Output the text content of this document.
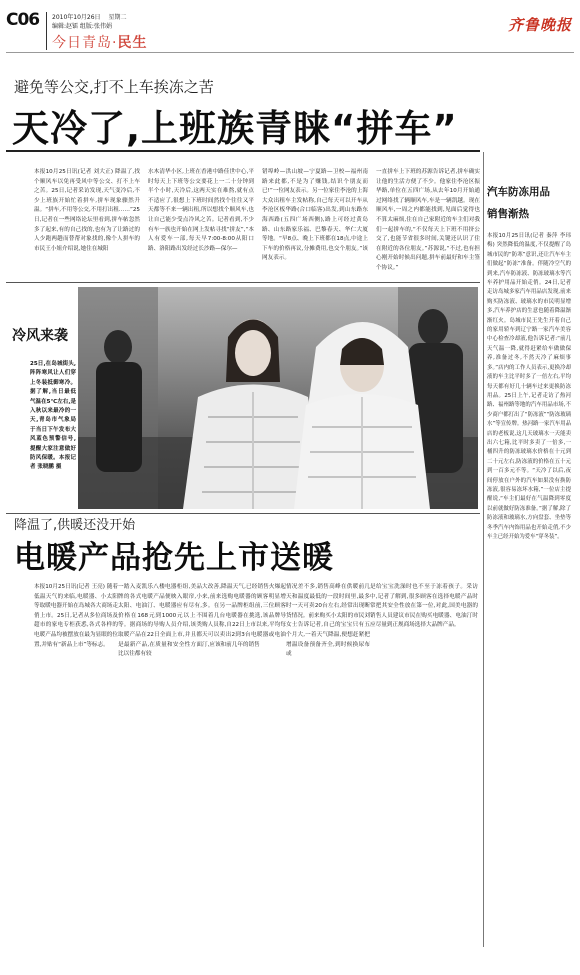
C06 2010年10月26日 星期二
编辑:赵镭 组版:张伟娟
今日青岛·民生
齐鲁晚报
避免等公交,打不上车挨冻之苦
天冷了,上班族青睐“拼车”
本报10月25日讯(记者 刘大正) 降温了,找个顺风车以免再受风中等公交、打不上车之苦。25日,记者采访发现,天气变冷后,不少上班族开始忙着拼车,拼车现象骤然升温。“拼车,不用等公交,不用打出租……”25日,记者在一些网络论坛里看到,拼车帖忽然多了起来,有的自己找的,也有为了让路过的人少跑两趟而替帮对象找的,像个人拼车的市民王小姐介绍说,她住在城阳
水木清华小区,上班在香港中路佳世中心,平时每天上下班等公交要花上一二十分钟到半个小时,天冷后,这两天实在难熬,就有点不适应了,很想上下班时间然找个往往又平天都等不来一辆出租,所以想找个顺风车,也让自己能少受点冷风之苦。记者看到,不少有车一族也开始在网上发帖寻找“拼友”,“本人有爱车一部,每天早7:00-8:00从阳口路、洛阳路出发经过长沙路—保尔—
错埠岭—洪山坡—宁夏路—卫校—福州南路来此都,不是为了赚钱,结识个朋友而已!”一位网友表示。另一位家住李沧的上海大众出租车主发帖称,自己每天可以开车从李沧区板华路(合口临客)出发,到山东路东海西路(五四广场西侧),路上可经过黄岛路、山东路家乐福、巴黎春天、华仁大厦等地。“早8点、晚上下班都在18点,中途上下车的价格再议,分摊费用,也交个朋友。”该网友表示。
一直拼车上下班的苏源告诉记者,拼车确实让他的生活方便了不少。他家住李沧区振华路,单位在五四广场,从去年10月开始通过网络找了辆顺风车,车是一辆凯越。现在顺风车,一周之内都能找到,见面后觉得也不算太麻烦,住在自己家附近的车主们对我们一起拼车的,“不仅每天上下班不用挤公交了,也能节省很多时间,关键还认识了住在附近的各位朋友。”苏源说,“不过,也有担心刚开始时候出问题,拼车前最好和车主签个协议。”
汽车防冻用品
销售渐热
本报10月25日讯(记者 秦萍 李玮梅) 突然降低的温度,不仅提醒了岛城市民的“防寒”意识,还让汽车车主们做起“防冻”准备。伴随冷空气的到来,汽车防冻液、防冻玻璃水等汽车养护用品开始走俏。24日,记者走访岛城多家汽车用品店发现,前来购买防冻液、玻璃水的市民明显增多,汽车养护店的生意也随着降温渐渐红火。岛城市民王先生开着自己的家用轿车到辽宁路一家汽车美容中心检查冷却液,他告诉记者:“前几天气温一降,就得赶紧给车做做保养,准备过冬,不然天冷了麻烦事多。”店内的工作人员表示,更换冷却液的车主比平时多了一倍左右,平均每天都有好几十辆车过来更换防冻用品。25日上午,记者走访了热河路、福州路等地的汽车用品市场,不少商户都打出了“防冻液”“防冻玻璃水”等宣传牌。热河路一家汽车用品店的老板说,这几天玻璃水一天能卖出六七箱,比平时多卖了一倍多,一桶四升的防冻玻璃水价格在十元到二十元左右,防冻液的价格在五十元到一百多元不等。“天冷了以后,夜间停放在户外的汽车如果没有换防冻液,很容易冻坏水箱,”一位店主提醒说,“车主们最好在气温降到零度以前就做好防冻准备。”据了解,除了防冻液和玻璃水,方向盘套、坐垫等冬季汽车内饰用品也开始走俏,不少车主已经开始为爱车“穿冬装”。
冷风来袭
25日,在岛城街头,阵阵寒风让人们穿上冬装抵御寒冷。据了解,当日最低气温在5℃左右,是入秋以来最冷的一天,青岛市气象局于当日下午发布大风蓝色预警信号,提醒大家注意做好防风保暖。本报记者 张晓鹏 摄
降温了,供暖还没开始
电暖产品抢先上市送暖
本报10月25日讯(记者 王亮) 随着低温天气的来临,电暖器、小太阳等取暖电器开始在岛城各大商场走俏上市。25日,记者从多位商场及超市的家电专柜获悉,各式各样的电暖产品均被摆放在最为显眼的位置,并贴有“新品上市”等标志。
一踏入麦凯乐八楼电器柜组,美品牌的各式电暖产品便映入眼帘,小太阳、电油汀、电暖器应有尽有,价格在168元到1000元以上不等。据商场的导购人员介绍,该类取暖产品在22日全面上市,并且都是最新产品,在质量和安全性方面比以往都有较
大改善,降温天气,已经销售火爆起来,前来选购电暖器的顾客明显增多。在另一品牌柜组前,三位顾客围着几台电暖器在挑选,该品牌导购人员称,自22日上市以来,平均每天可以卖出2到3台电暖器或电油汀,应该和前几年的销售
情况差不多,销售高峰在供暖前几天和温度最低的一段时间里,最多时一天可卖20台左右,经常出现断货情况。前来购买小太阳的市民刘女士告诉记者,自己的宝宝只有五个月大,一着天气降温,便想赶紧把增温设备预备齐全,到时候换尿布或
是给宝宝洗澡时也不至于冻着孩子。采访中,记者了解到,很多顾客在选择电暖产品时常把其安全性放在第一位,对此,国美电器的销售人员建议市民在购买电暖器、电油汀时应尽量到正规商场选择大品牌产品。
